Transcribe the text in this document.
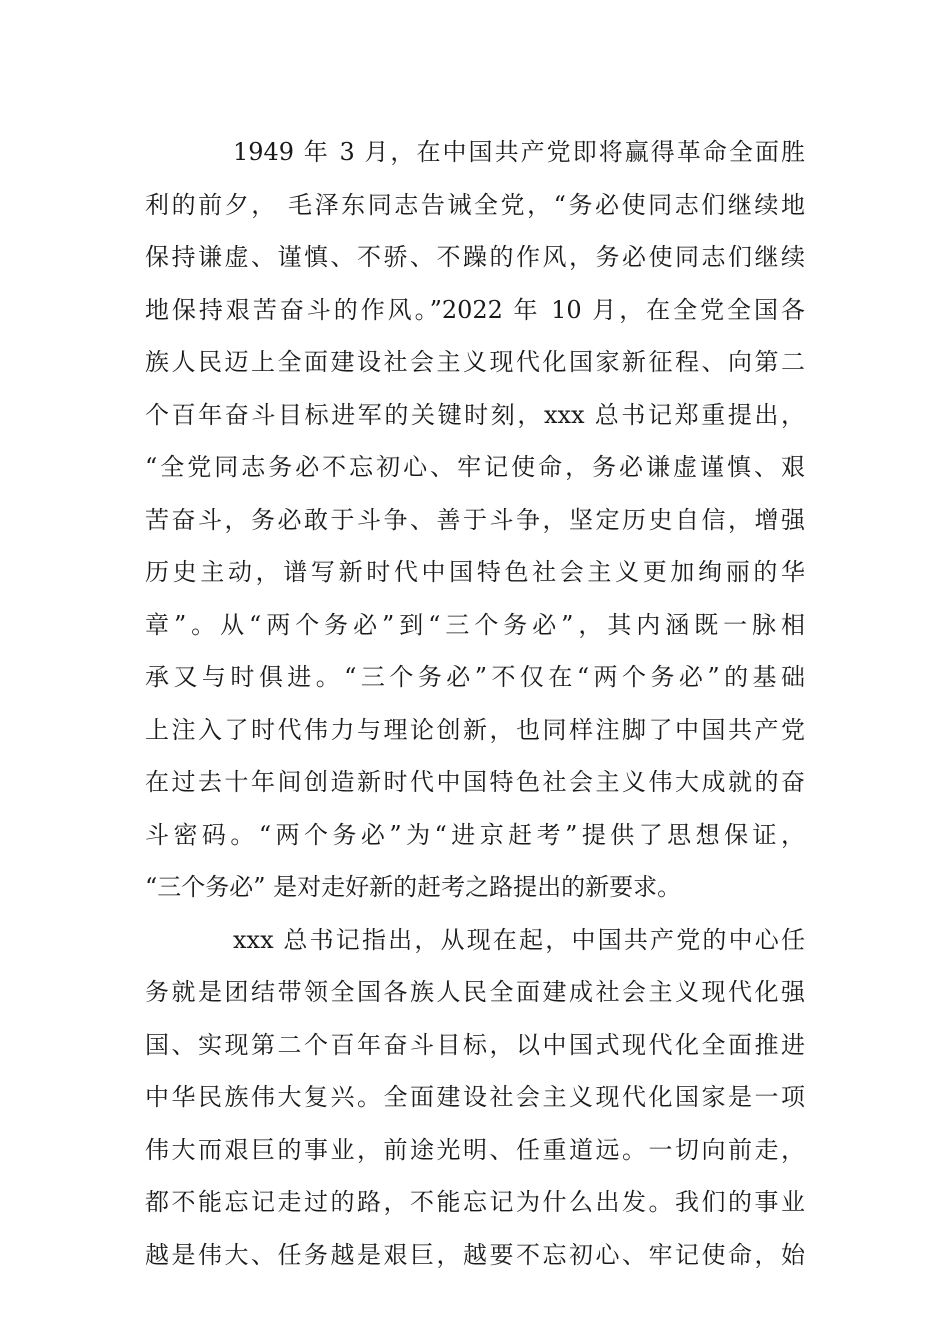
1949 年 3 月，在中国共产党即将赢得革命全面胜
利的前夕， 毛泽东同志告诫全党，“务必使同志们继续地
保持谦虚、谨慎、不骄、不躁的作风，务必使同志们继续
地保持艰苦奋斗的作风。”2022 年 10 月，在全党全国各
族人民迈上全面建设社会主义现代化国家新征程、向第二
个百年奋斗目标进军的关键时刻，xxx 总书记郑重提出，
“全党同志务必不忘初心、牢记使命，务必谦虚谨慎、艰
苦奋斗，务必敢于斗争、善于斗争，坚定历史自信，增强
历史主动，谱写新时代中国特色社会主义更加绚丽的华
章”。从“两个务必”到“三个务必”，其内涵既一脉相
承又与时俱进。“三个务必”不仅在“两个务必”的基础
上注入了时代伟力与理论创新，也同样注脚了中国共产党
在过去十年间创造新时代中国特色社会主义伟大成就的奋
斗密码。“两个务必”为“进京赶考”提供了思想保证，
“三个务必” 是对走好新的赶考之路提出的新要求。
xxx 总书记指出，从现在起，中国共产党的中心任
务就是团结带领全国各族人民全面建成社会主义现代化强
国、实现第二个百年奋斗目标，以中国式现代化全面推进
中华民族伟大复兴。全面建设社会主义现代化国家是一项
伟大而艰巨的事业，前途光明、任重道远。一切向前走，
都不能忘记走过的路，不能忘记为什么出发。我们的事业
越是伟大、任务越是艰巨，越要不忘初心、牢记使命，始
